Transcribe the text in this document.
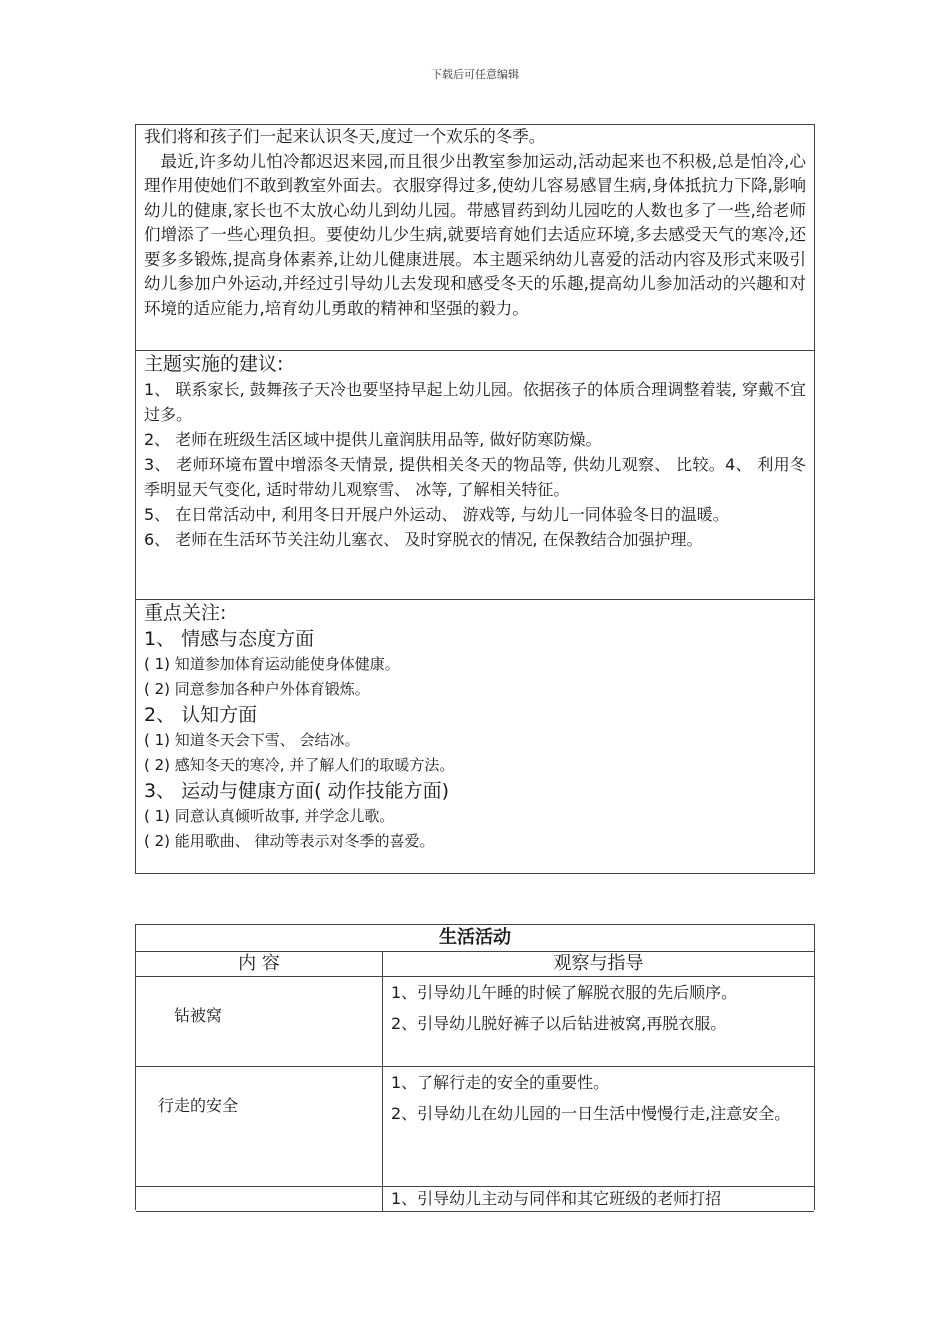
下载后可任意编辑

我们将和孩子们一起来认识冬天,度过一个欢乐的冬季。

最近,许多幼儿怕冷都迟迟来园,而且很少出教室参加运动,活动起来也不积极,总是怕冷,心理作用使她们不敢到教室外面去。衣服穿得过多,使幼儿容易感冒生病,身体抵抗力下降,影响幼儿的健康,家长也不太放心幼儿到幼儿园。带感冒药到幼儿园吃的人数也多了一些,给老师们增添了一些心理负担。要使幼儿少生病,就要培育她们去适应环境,多去感受天气的寒冷,还要多多锻炼,提高身体素养,让幼儿健康进展。本主题采纳幼儿喜爱的活动内容及形式来吸引幼儿参加户外运动,并经过引导幼儿去发现和感受冬天的乐趣,提高幼儿参加活动的兴趣和对环境的适应能力,培育幼儿勇敢的精神和坚强的毅力。

主题实施的建议:

1、 联系家长, 鼓舞孩子天冷也要坚持早起上幼儿园。依据孩子的体质合理调整着装, 穿戴不宜过多。

2、 老师在班级生活区域中提供儿童润肤用品等, 做好防寒防燥。

3、 老师环境布置中增添冬天情景, 提供相关冬天的物品等, 供幼儿观察、 比较。4、 利用冬季明显天气变化, 适时带幼儿观察雪、 冰等, 了解相关特征。

5、 在日常活动中, 利用冬日开展户外运动、 游戏等, 与幼儿一同体验冬日的温暖。

6、 老师在生活环节关注幼儿塞衣、 及时穿脱衣的情况, 在保教结合加强护理。

重点关注:
1、 情感与态度方面
( 1) 知道参加体育运动能使身体健康。
( 2) 同意参加各种户外体育锻炼。
2、 认知方面
( 1) 知道冬天会下雪、 会结冰。
( 2) 感知冬天的寒冷, 并了解人们的取暖方法。
3、 运动与健康方面( 动作技能方面)
( 1) 同意认真倾听故事, 并学念儿歌。
( 2) 能用歌曲、 律动等表示对冬季的喜爱。
生活活动
内 容	观察与指导
钻被窝

1、引导幼儿午睡的时候了解脱衣服的先后顺序。

2、引导幼儿脱好裤子以后钻进被窝,再脱衣服。

行走的安全

1、了解行走的安全的重要性。

2、引导幼儿在幼儿园的一日生活中慢慢行走,注意安全。

1、引导幼儿主动与同伴和其它班级的老师打招
